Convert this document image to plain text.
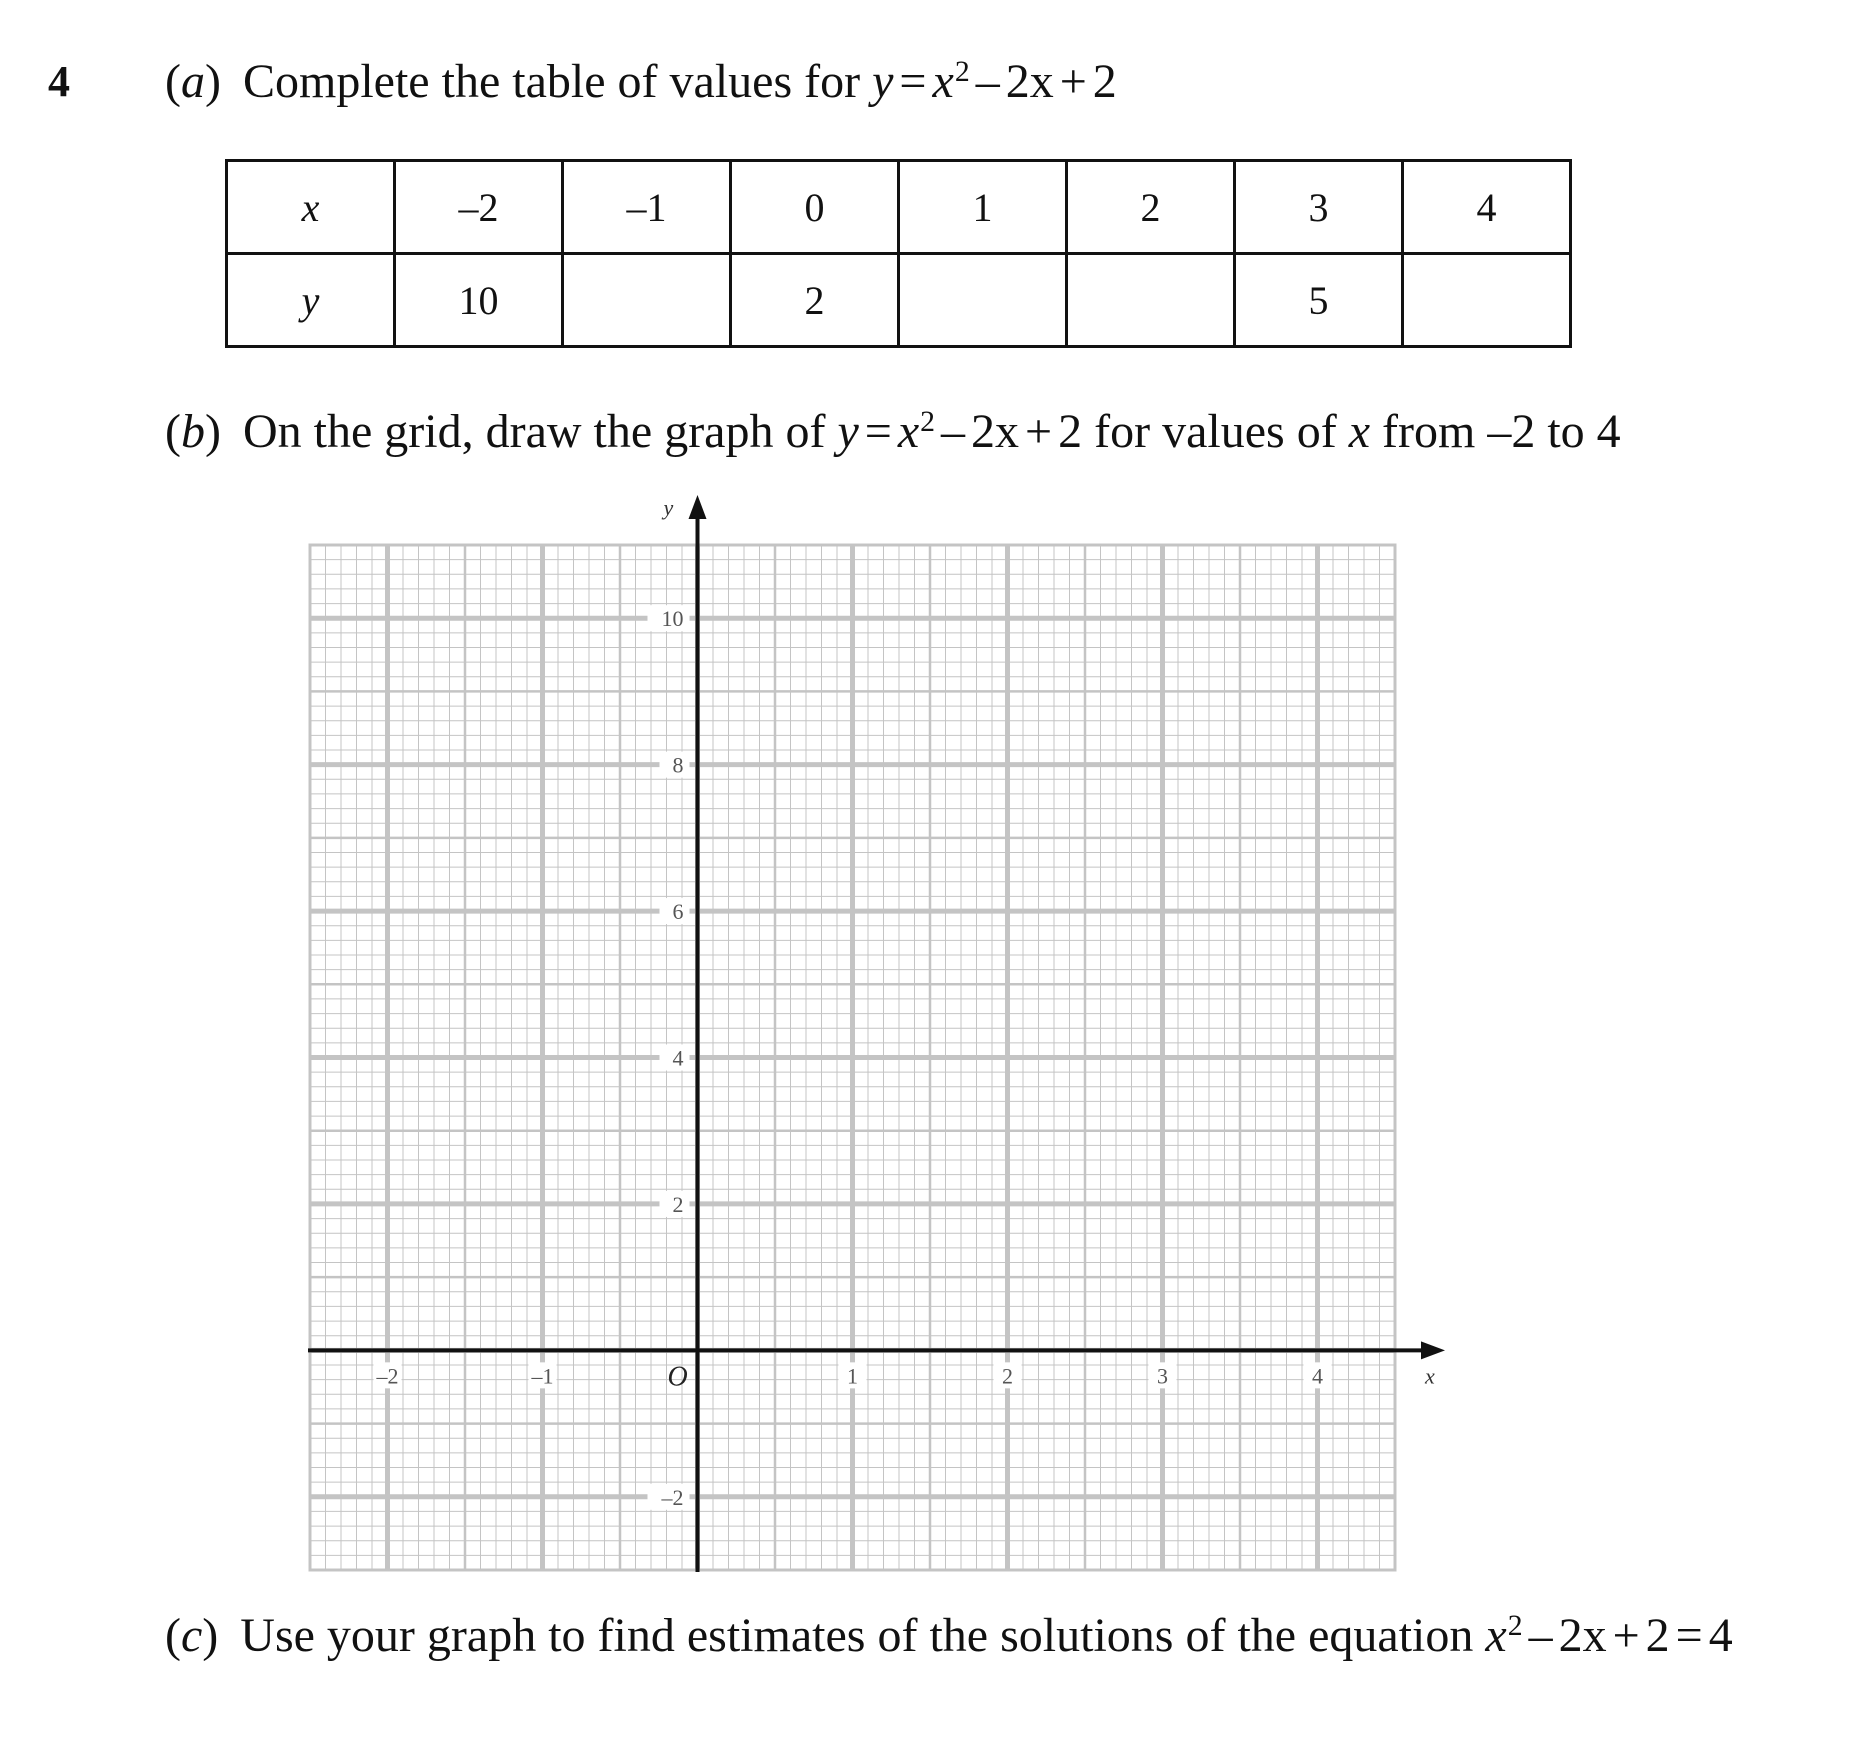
4 (a) Complete the table of values for $y = x^2 - 2x + 2$
x	–2	–1	0	1	2	3	4
y	10		2			5	
(b) On the grid, draw the graph of $y = x^2 - 2x + 2$ for values of x from –2 to 4
–2	–1	1	2	3	4
10
8
6
4
2
–2
x
y
O
(c) Use your graph to find estimates of the solutions of the equation $x^2 - 2x + 2 = 4$
